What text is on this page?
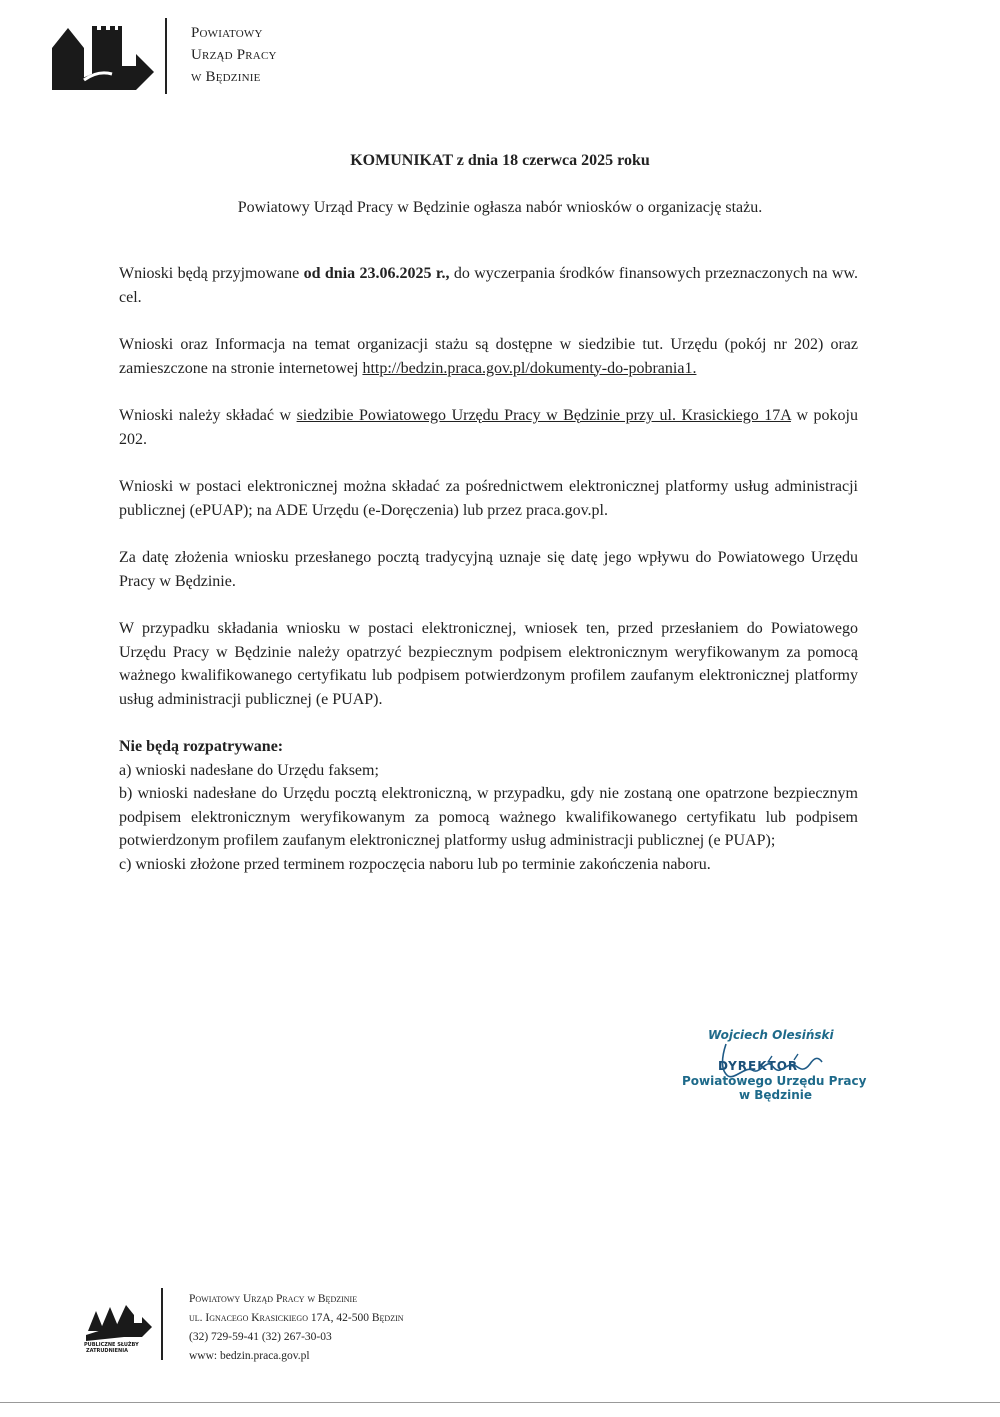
Powiatowy
Urząd Pracy
w Będzinie
KOMUNIKAT z dnia 18 czerwca 2025 roku
Powiatowy Urząd Pracy w Będzinie ogłasza nabór wniosków o organizację stażu.

Wnioski będą przyjmowane od dnia 23.06.2025 r., do wyczerpania środków finansowych przeznaczonych na ww. cel.

Wnioski oraz Informacja na temat organizacji stażu są dostępne w siedzibie tut. Urzędu (pokój nr 202) oraz zamieszczone na stronie internetowej http://bedzin.praca.gov.pl/dokumenty-do-pobrania1.

Wnioski należy składać w siedzibie Powiatowego Urzędu Pracy w Będzinie przy ul. Krasickiego 17A w pokoju 202.

Wnioski w postaci elektronicznej można składać za pośrednictwem elektronicznej platformy usług administracji publicznej (ePUAP); na ADE Urzędu (e-Doręczenia) lub przez praca.gov.pl.

Za datę złożenia wniosku przesłanego pocztą tradycyjną uznaje się datę jego wpływu do Powiatowego Urzędu Pracy w Będzinie.

W przypadku składania wniosku w postaci elektronicznej, wniosek ten, przed przesłaniem do Powiatowego Urzędu Pracy w Będzinie należy opatrzyć bezpiecznym podpisem elektronicznym weryfikowanym za pomocą ważnego kwalifikowanego certyfikatu lub podpisem potwierdzonym profilem zaufanym elektronicznej platformy usług administracji publicznej (e PUAP).

Nie będą rozpatrywane:
a) wnioski nadesłane do Urzędu faksem;
b) wnioski nadesłane do Urzędu pocztą elektroniczną, w przypadku, gdy nie zostaną one opatrzone bezpiecznym podpisem elektronicznym weryfikowanym za pomocą ważnego kwalifikowanego certyfikatu lub podpisem potwierdzonym profilem zaufanym elektronicznej platformy usług administracji publicznej (e PUAP);
c) wnioski złożone przed terminem rozpoczęcia naboru lub po terminie zakończenia naboru.
Wojciech Olesiński
DYREKTOR
Powiatowego Urzędu Pracy
w Będzinie
PUBLICZNE SŁUŻBY
ZATRUDNIENIA
Powiatowy Urząd Pracy w Będzinie
ul. Ignacego Krasickiego 17A, 42-500 Będzin
(32) 729-59-41 (32) 267-30-03
www: bedzin.praca.gov.pl
